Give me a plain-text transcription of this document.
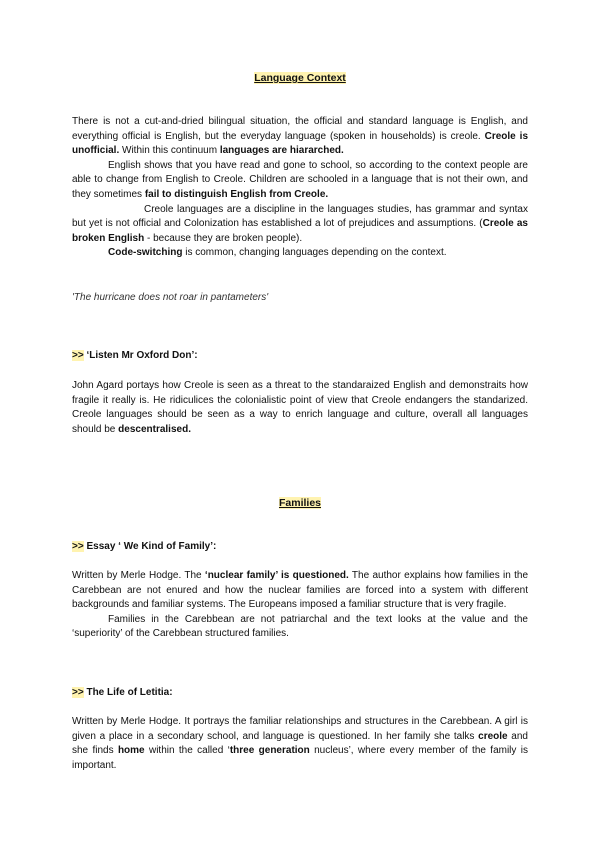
Language Context

There is not a cut-and-dried bilingual situation, the official and standard language is English, and everything official is English, but the everyday language (spoken in households) is creole. Creole is unofficial. Within this continuum languages are hiararched.

English shows that you have read and gone to school, so according to the context people are able to change from English to Creole. Children are schooled in a language that is not their own, and they sometimes fail to distinguish English from Creole.

Creole languages are a discipline in the languages studies, has grammar and syntax but yet is not official and Colonization has established a lot of prejudices and assumptions. (Creole as broken English - because they are broken people).

Code-switching is common, changing languages depending on the context.

'The hurricane does not roar in pantameters'
>> ‘Listen Mr Oxford Don’:

John Agard portays how Creole is seen as a threat to the standaraized English and demonstraits how fragile it really is. He ridiculices the colonialistic point of view that Creole endangers the standarized. Creole languages should be seen as a way to enrich language and culture, overall all languages should be descentralised.

Families
>> Essay ‘ We Kind of Family’:

Written by Merle Hodge. The ‘nuclear family’ is questioned. The author explains how families in the Carebbean are not enured and how the nuclear families are forced into a system with different backgrounds and familiar systems. The Europeans imposed a familiar structure that is very fragile.

Families in the Carebbean are not patriarchal and the text looks at the value and the ‘superiority’ of the Carebbean structured families.

>> The Life of Letitia:

Written by Merle Hodge. It portrays the familiar relationships and structures in the Carebbean. A girl is given a place in a secondary school, and language is questioned. In her family she talks creole and she finds home within the called ‘three generation nucleus’, where every member of the family is important.
